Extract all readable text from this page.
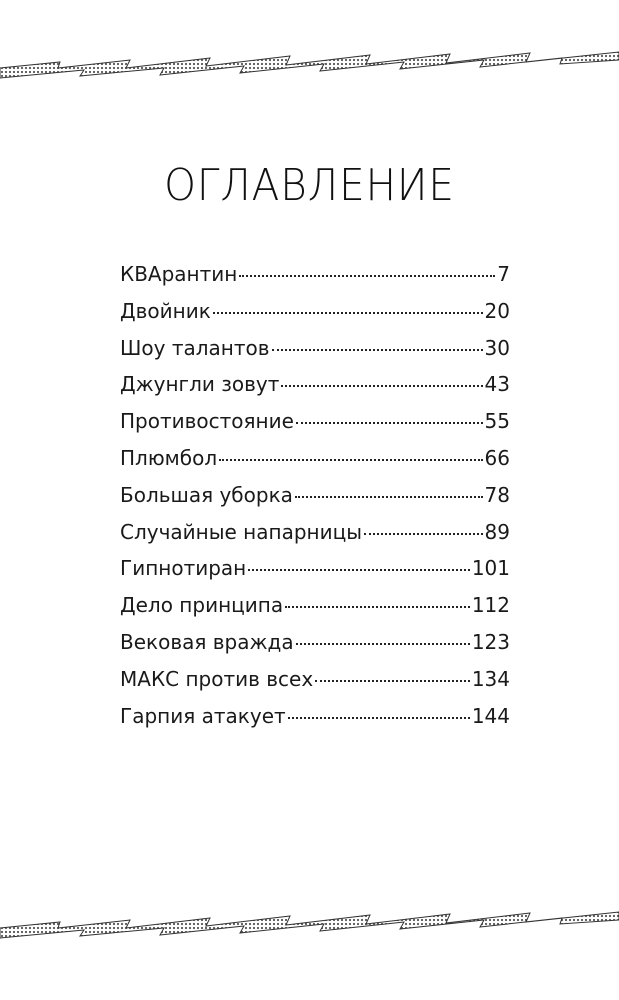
ОГЛАВЛЕНИЕ
КВАрантин	7
Двойник	20
Шоу талантов	30
Джунгли зовут	43
Противостояние	55
Плюмбол	66
Большая уборка	78
Случайные напарницы	89
Гипнотиран	101
Дело принципа	112
Вековая вражда	123
МАКС против всех	134
Гарпия атакует	144
